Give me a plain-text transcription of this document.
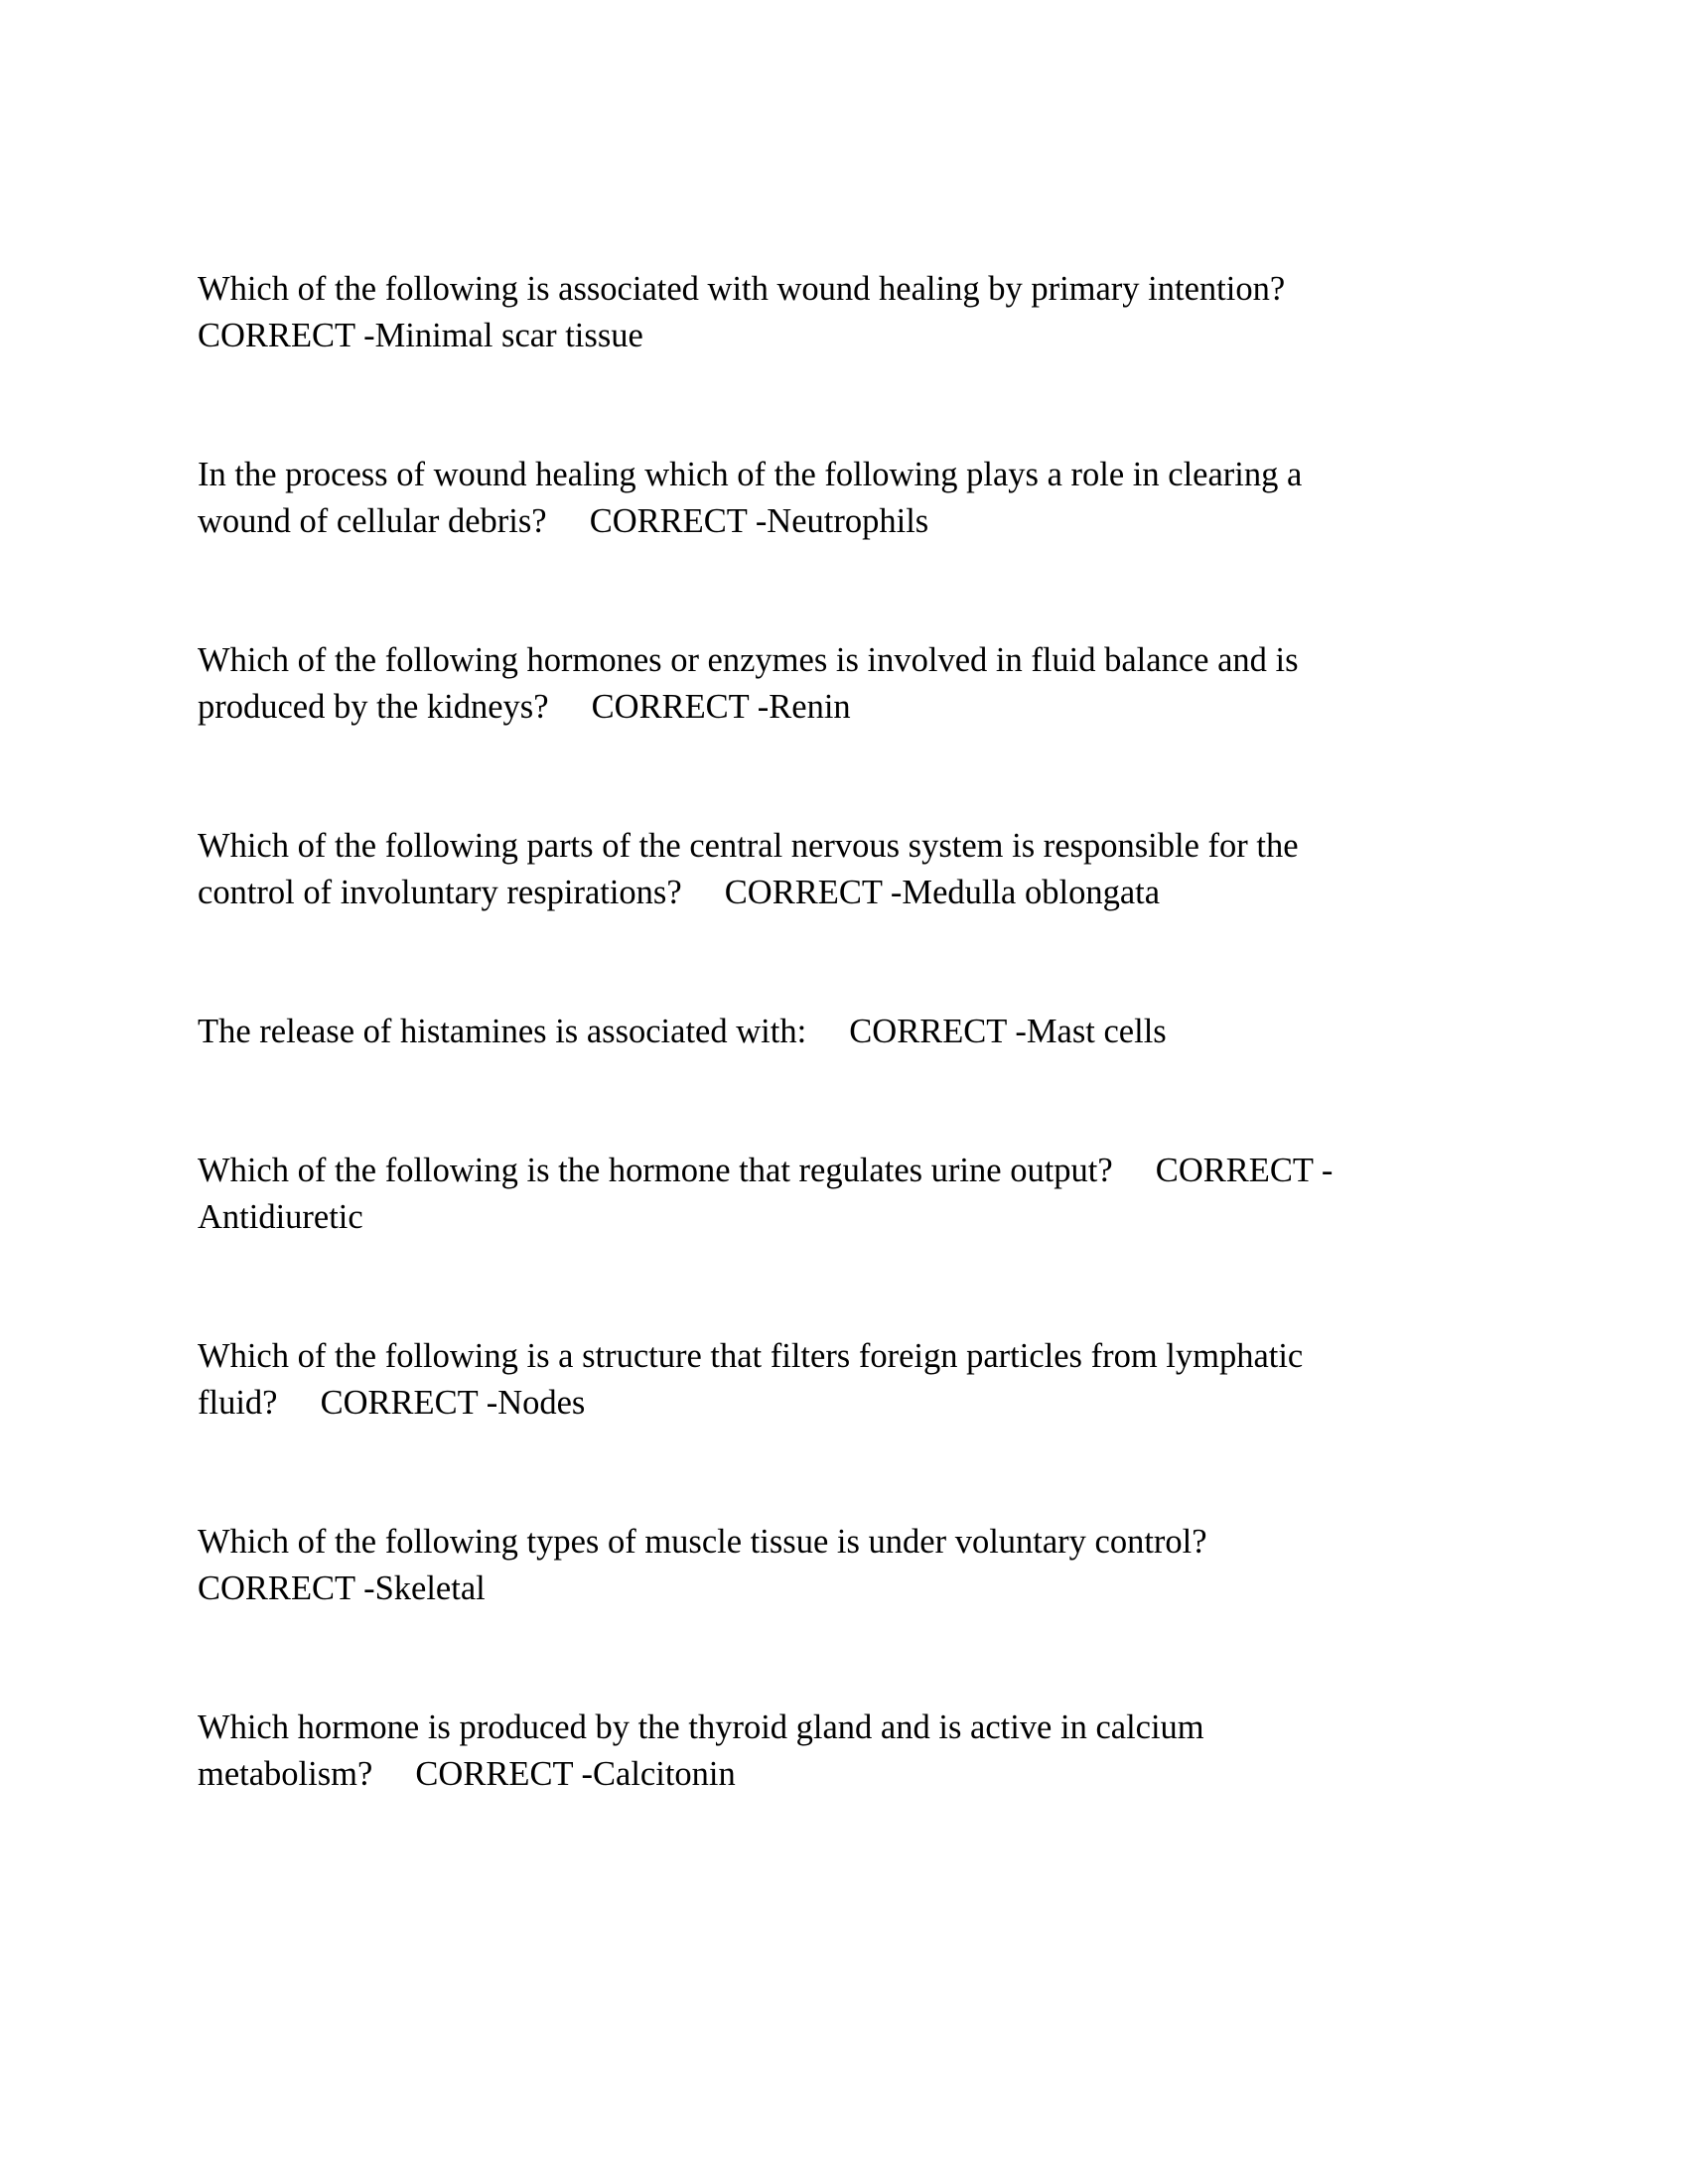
Which of the following is associated with wound healing by primary intention?
CORRECT -Minimal scar tissue
In the process of wound healing which of the following plays a role in clearing a
wound of cellular debris?     CORRECT -Neutrophils
Which of the following hormones or enzymes is involved in fluid balance and is
produced by the kidneys?     CORRECT -Renin
Which of the following parts of the central nervous system is responsible for the
control of involuntary respirations?     CORRECT -Medulla oblongata
The release of histamines is associated with:     CORRECT -Mast cells
Which of the following is the hormone that regulates urine output?     CORRECT -
Antidiuretic
Which of the following is a structure that filters foreign particles from lymphatic
fluid?     CORRECT -Nodes
Which of the following types of muscle tissue is under voluntary control?
CORRECT -Skeletal
Which hormone is produced by the thyroid gland and is active in calcium
metabolism?     CORRECT -Calcitonin
